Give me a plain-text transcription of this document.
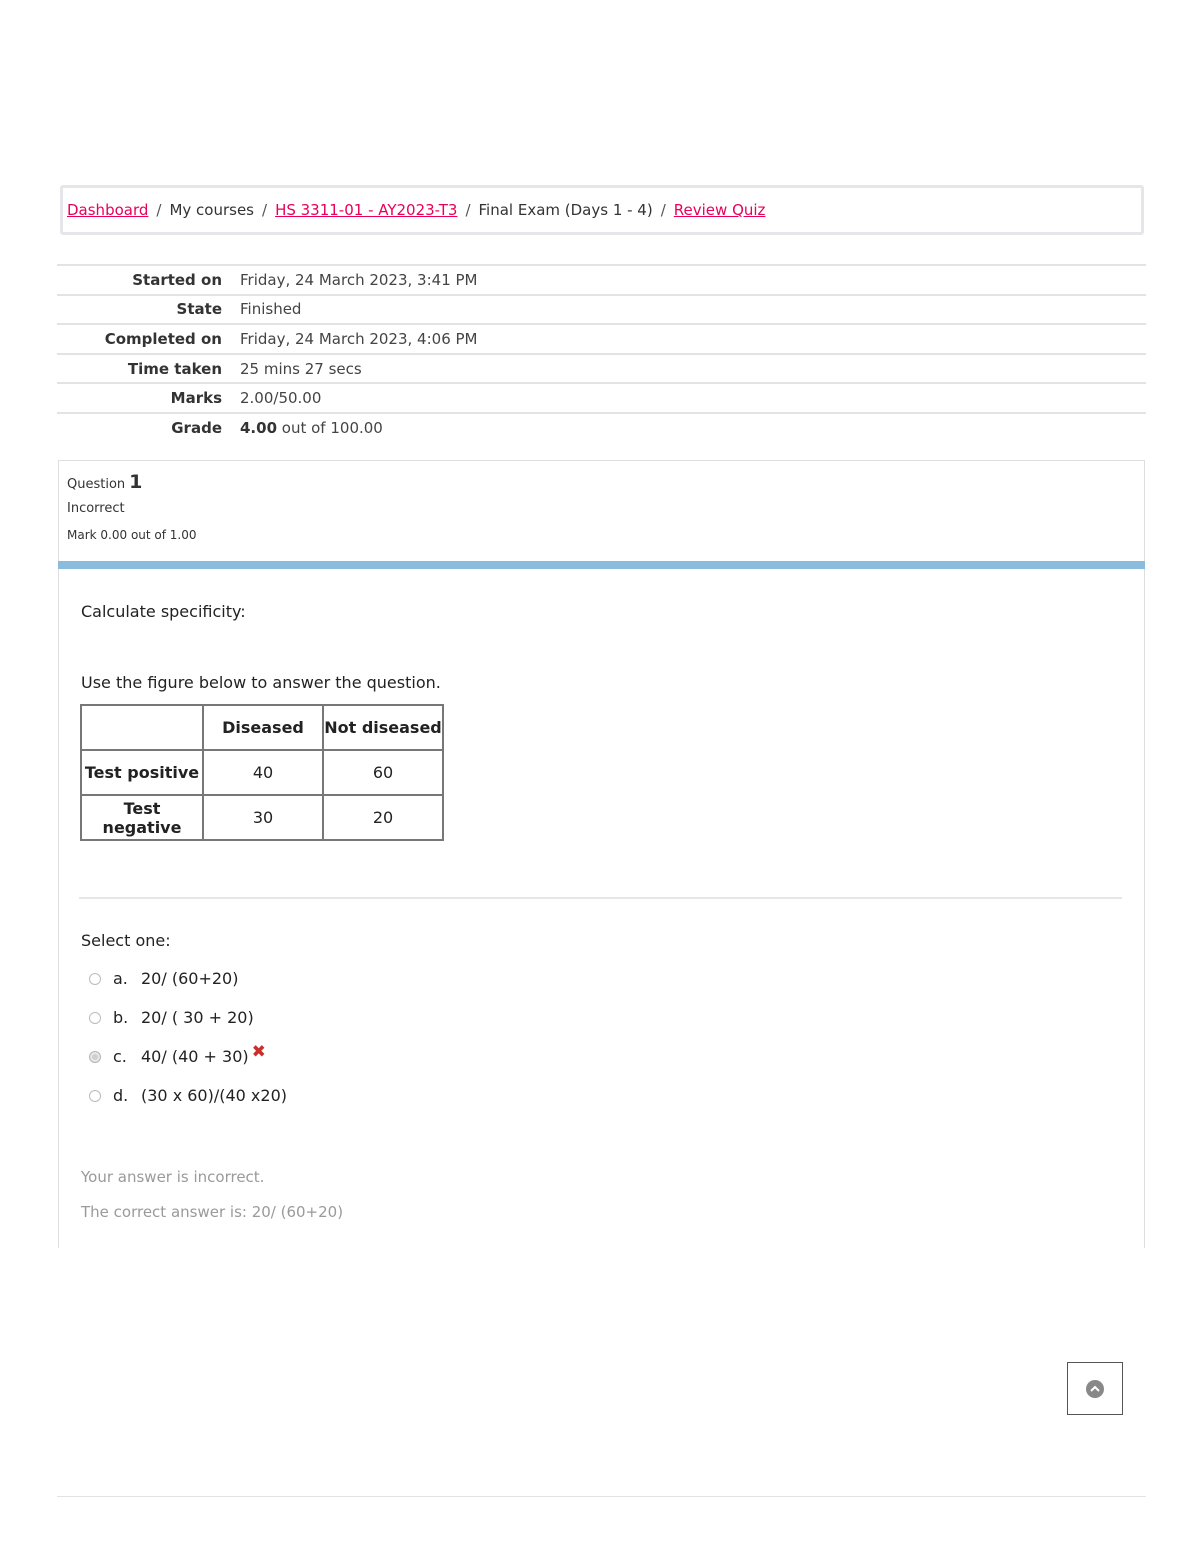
Dashboard / My courses / HS 3311-01 - AY2023-T3 / Final Exam (Days 1 - 4) / Review Quiz
Started on	Friday, 24 March 2023, 3:41 PM
State	Finished
Completed on	Friday, 24 March 2023, 4:06 PM
Time taken	25 mins 27 secs
Marks	2.00/50.00
Grade	4.00 out of 100.00
Question 1
Incorrect
Mark 0.00 out of 1.00
Calculate specificity:
Use the figure below to answer the question.
	Diseased	Not diseased
Test positive	40	60
Test negative	30	20
Select one:
a. 20/ (60+20)
b. 20/ ( 30 + 20)
c. 40/ (40 + 30) ✖
d. (30 x 60)/(40 x20)
Your answer is incorrect.
The correct answer is: 20/ (60+20)
